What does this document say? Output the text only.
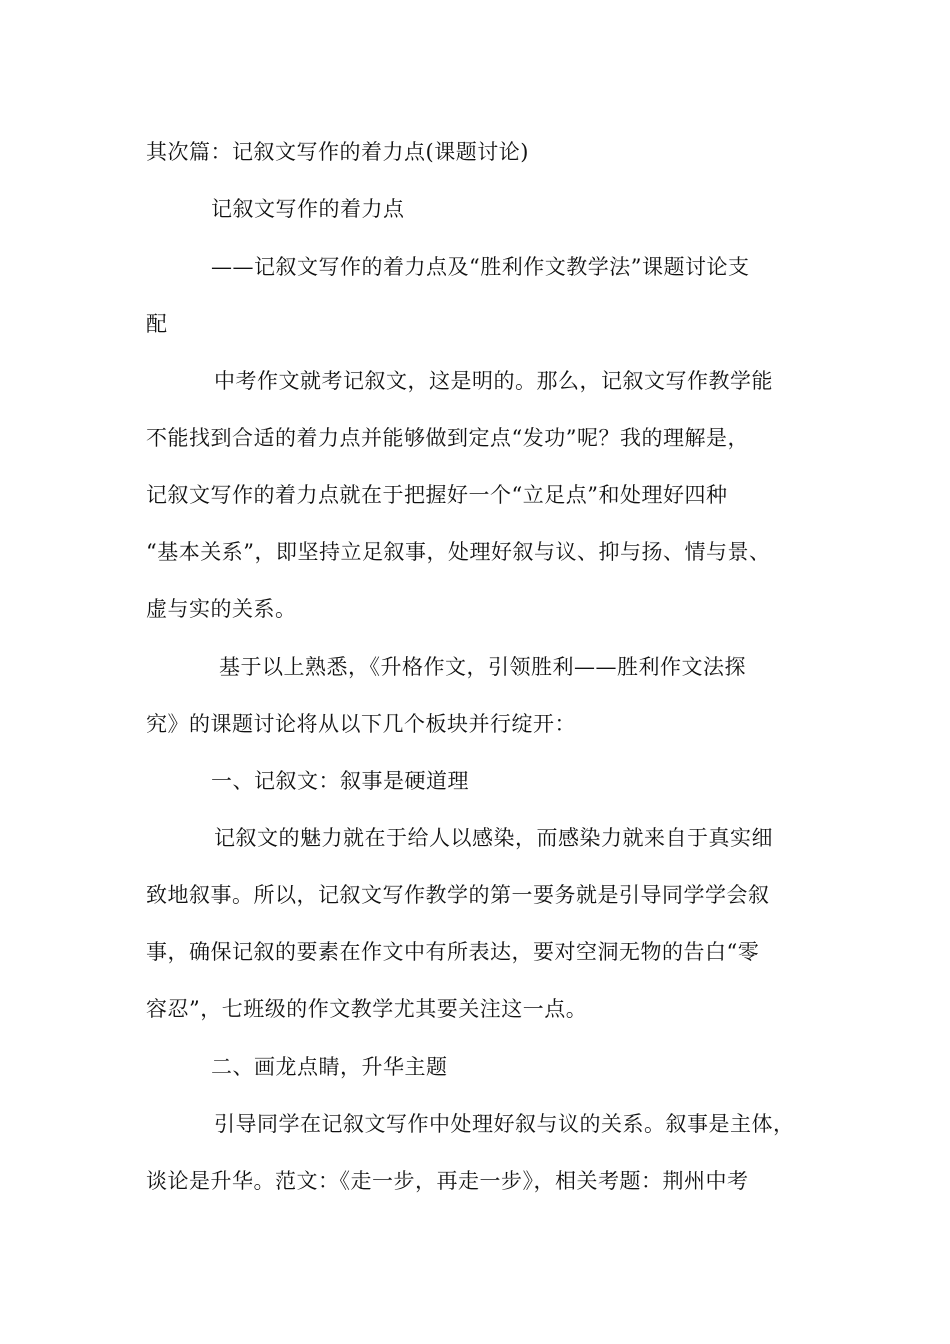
其次篇：记叙文写作的着力点(课题讨论)
记叙文写作的着力点
——记叙文写作的着力点及“胜利作文教学法”课题讨论支
配
中考作文就考记叙文，这是明的。那么，记叙文写作教学能
不能找到合适的着力点并能够做到定点“发功”呢？我的理解是，
记叙文写作的着力点就在于把握好一个“立足点”和处理好四种
“基本关系”，即坚持立足叙事，处理好叙与议、抑与扬、情与景、
虚与实的关系。
基于以上熟悉，《升格作文，引领胜利——胜利作文法探
究》的课题讨论将从以下几个板块并行绽开：
一、记叙文：叙事是硬道理
记叙文的魅力就在于给人以感染，而感染力就来自于真实细
致地叙事。所以，记叙文写作教学的第一要务就是引导同学学会叙
事，确保记叙的要素在作文中有所表达，要对空洞无物的告白“零
容忍”，七班级的作文教学尤其要关注这一点。
二、画龙点睛，升华主题
引导同学在记叙文写作中处理好叙与议的关系。叙事是主体，
谈论是升华。范文：《走一步，再走一步》，相关考题：荆州中考
